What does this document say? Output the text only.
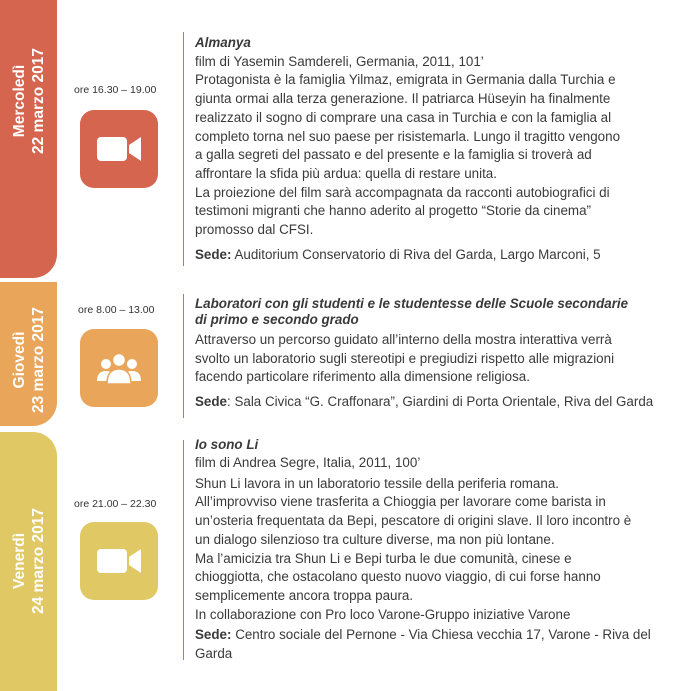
Mercoledì 22 marzo 2017	ore 16.30 – 19.00

Almanya

film di Yasemin Samdereli, Germania, 2011, 101’

Protagonista è la famiglia Yilmaz, emigrata in Germania dalla Turchia e

giunta ormai alla terza generazione. Il patriarca Hüseyin ha finalmente

realizzato il sogno di comprare una casa in Turchia e con la famiglia al

completo torna nel suo paese per risistemarla. Lungo il tragitto vengono

a galla segreti del passato e del presente e la famiglia si troverà ad

affrontare la sfida più ardua: quella di restare unita.

La proiezione del film sarà accompagnata da racconti autobiografici di

testimoni migranti che hanno aderito al progetto “Storie da cinema”

promosso dal CFSI.

Sede: Auditorium Conservatorio di Riva del Garda, Largo Marconi, 5

Giovedì 23 marzo 2017	ore 8.00 – 13.00	Laboratori con gli studenti e le studentesse delle Scuole secondarie

di primo e secondo grado

Attraverso un percorso guidato all’interno della mostra interattiva verrà

svolto un laboratorio sugli stereotipi e pregiudizi rispetto alle migrazioni

facendo particolare riferimento alla dimensione religiosa.

Sede: Sala Civica “G. Craffonara”, Giardini di Porta Orientale, Riva del Garda

Venerdì 24 marzo 2017
ore 21.00 – 22.30

Io sono Li

film di Andrea Segre, Italia, 2011, 100’

Shun Li lavora in un laboratorio tessile della periferia romana.

All’improvviso viene trasferita a Chioggia per lavorare come barista in

un’osteria frequentata da Bepi, pescatore di origini slave. Il loro incontro è

un dialogo silenzioso tra culture diverse, ma non più lontane.

Ma l’amicizia tra Shun Li e Bepi turba le due comunità, cinese e

chioggiotta, che ostacolano questo nuovo viaggio, di cui forse hanno

semplicemente ancora troppa paura.

In collaborazione con Pro loco Varone-Gruppo iniziative Varone

Sede: Centro sociale del Pernone - Via Chiesa vecchia 17, Varone - Riva del Garda
